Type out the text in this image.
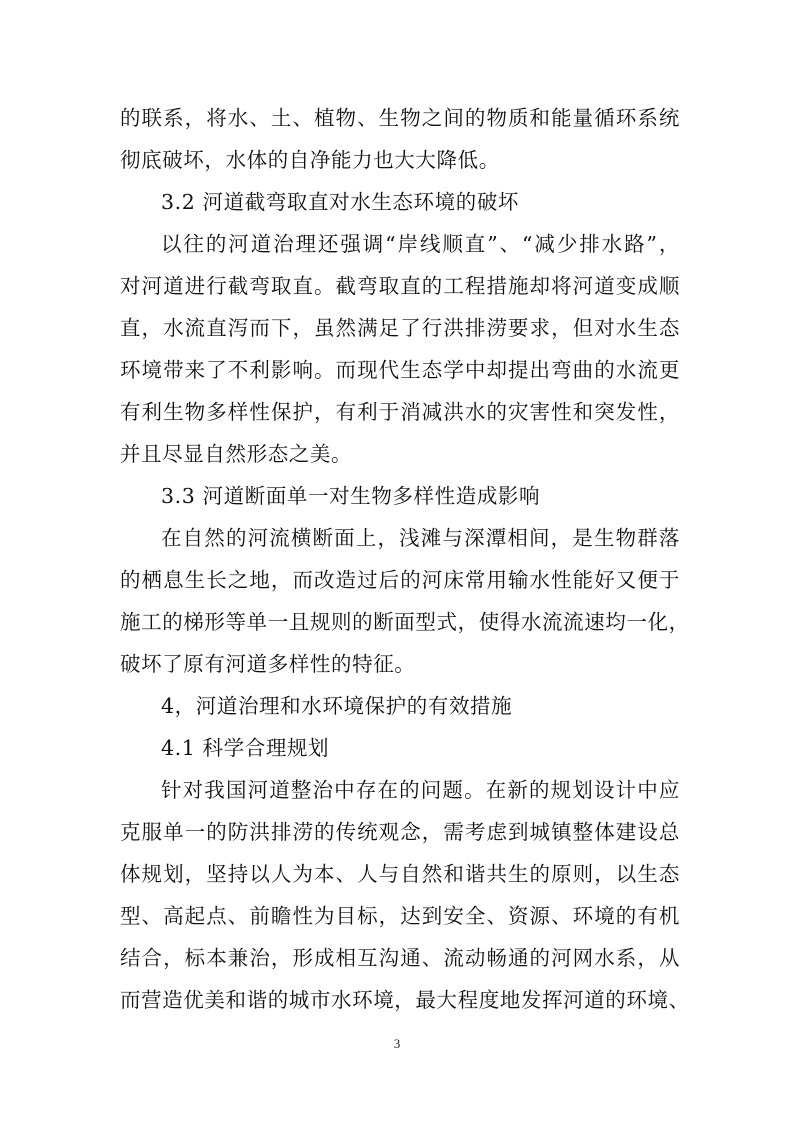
的联系，将水、土、植物、生物之间的物质和能量循环系统
彻底破坏，水体的自净能力也大大降低。
3.2 河道截弯取直对水生态环境的破坏
以往的河道治理还强调“岸线顺直”、“减少排水路”，
对河道进行截弯取直。截弯取直的工程措施却将河道变成顺
直，水流直泻而下，虽然满足了行洪排涝要求，但对水生态
环境带来了不利影响。而现代生态学中却提出弯曲的水流更
有利生物多样性保护，有利于消减洪水的灾害性和突发性，
并且尽显自然形态之美。
3.3 河道断面单一对生物多样性造成影响
在自然的河流横断面上，浅滩与深潭相间，是生物群落
的栖息生长之地，而改造过后的河床常用输水性能好又便于
施工的梯形等单一且规则的断面型式，使得水流流速均一化，
破坏了原有河道多样性的特征。
4，河道治理和水环境保护的有效措施
4.1 科学合理规划
针对我国河道整治中存在的问题。在新的规划设计中应
克服单一的防洪排涝的传统观念，需考虑到城镇整体建设总
体规划，坚持以人为本、人与自然和谐共生的原则，以生态
型、高起点、前瞻性为目标，达到安全、资源、环境的有机
结合，标本兼治，形成相互沟通、流动畅通的河网水系，从
而营造优美和谐的城市水环境，最大程度地发挥河道的环境、
3
